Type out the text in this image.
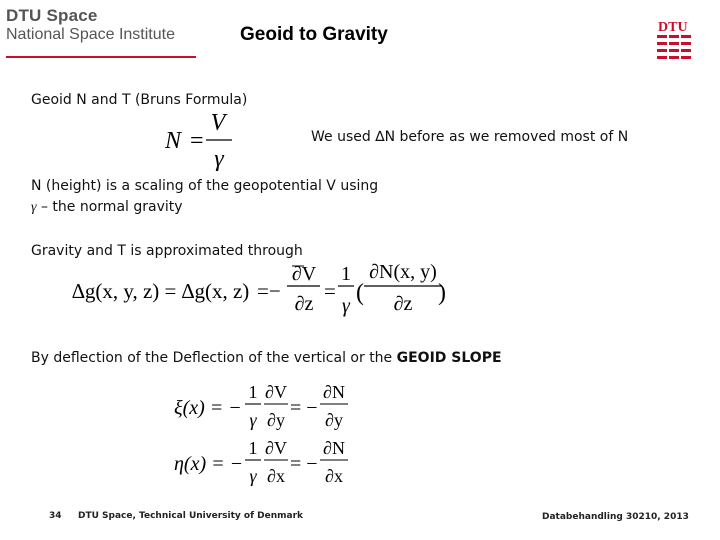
DTU Space
National Space Institute	Geoid to Gravity	DTU
Geoid N and T (Bruns Formula)
N =
V
γ
We used ∆N before as we removed most of N
N (height) is a scaling of the geopotential V using
γ – the normal gravity
Gravity and T is approximated through
∆g(x, y, z) = ∆g(x, z) =−
∂V
∂z
=
1
γ (
∂N(x, y)
∂z )
By deflection of the Deflection of the vertical or the GEOID SLOPE
ξ(x) = −
1
γ
∂V
∂y
= −
∂N
∂y
η(x) = −
1
γ
∂V
∂x
= −
∂N
∂x
34 DTU Space, Technical University of Denmark	Databehandling 30210, 2013
